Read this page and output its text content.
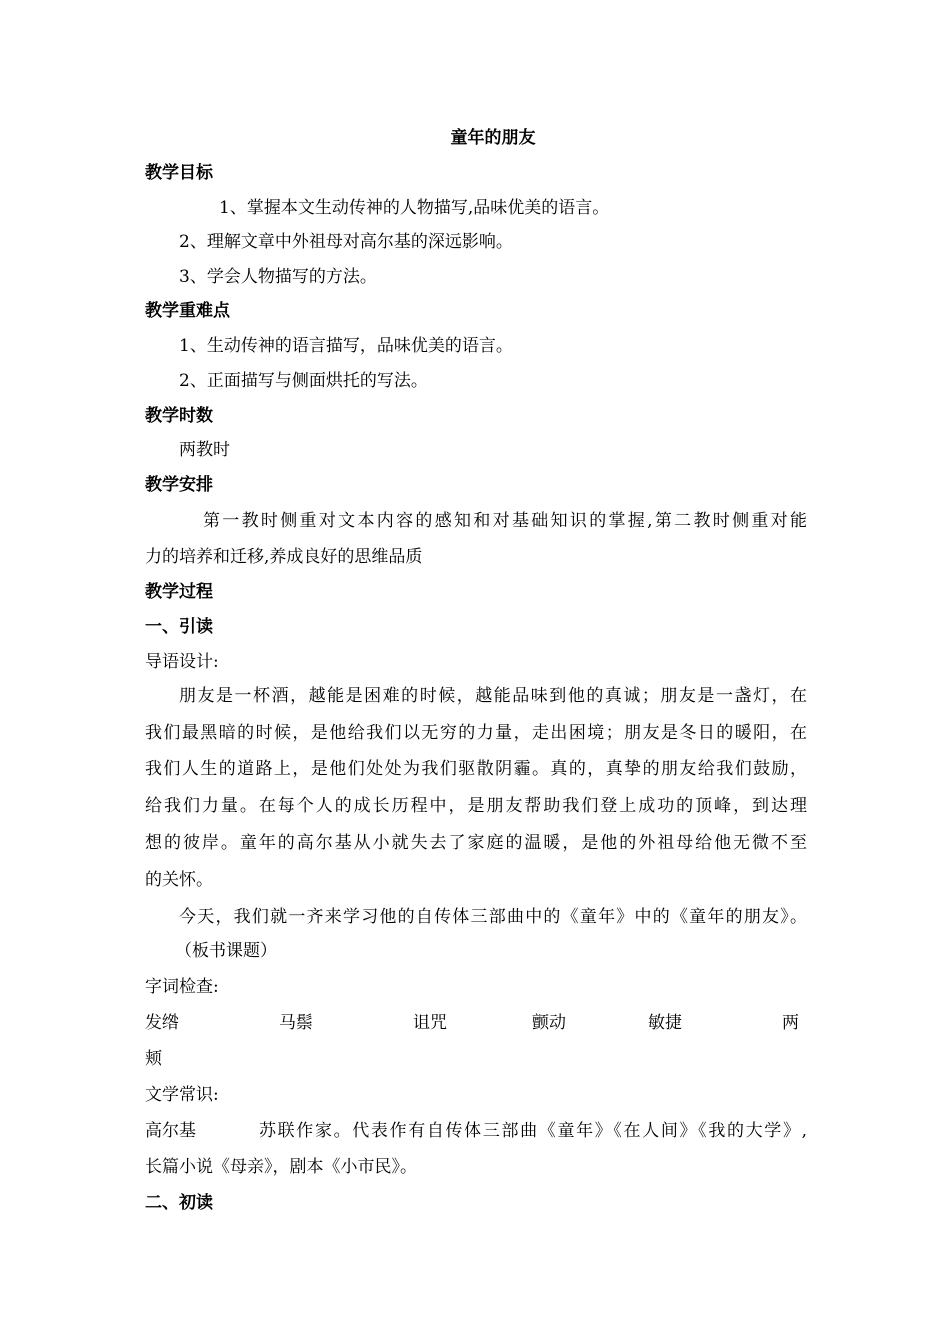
童年的朋友
教学目标
1、掌握本文生动传神的人物描写,品味优美的语言。
2、理解文章中外祖母对高尔基的深远影响。
3、学会人物描写的方法。
教学重难点
1、生动传神的语言描写，品味优美的语言。
2、正面描写与侧面烘托的写法。
教学时数
两教时
教学安排
第一教时侧重对文本内容的感知和对基础知识的掌握,第二教时侧重对能
力的培养和迁移,养成良好的思维品质
教学过程
一、引读
导语设计:
朋友是一杯酒，越能是困难的时候，越能品味到他的真诚；朋友是一盏灯，在
我们最黑暗的时候，是他给我们以无穷的力量，走出困境；朋友是冬日的暖阳，在
我们人生的道路上，是他们处处为我们驱散阴霾。真的，真挚的朋友给我们鼓励，
给我们力量。在每个人的成长历程中，是朋友帮助我们登上成功的顶峰，到达理
想的彼岸。童年的高尔基从小就失去了家庭的温暖，是他的外祖母给他无微不至
的关怀。
今天，我们就一齐来学习他的自传体三部曲中的《童年》中的《童年的朋友》。
（板书课题）
字词检查:
发绺	马鬃	诅咒	颤动	敏捷	两
颊
文学常识:
高尔基	苏联作家。代表作有自传体三部曲《童年》《在人间》《我的大学》,
长篇小说《母亲》，剧本《小市民》。
二、初读
